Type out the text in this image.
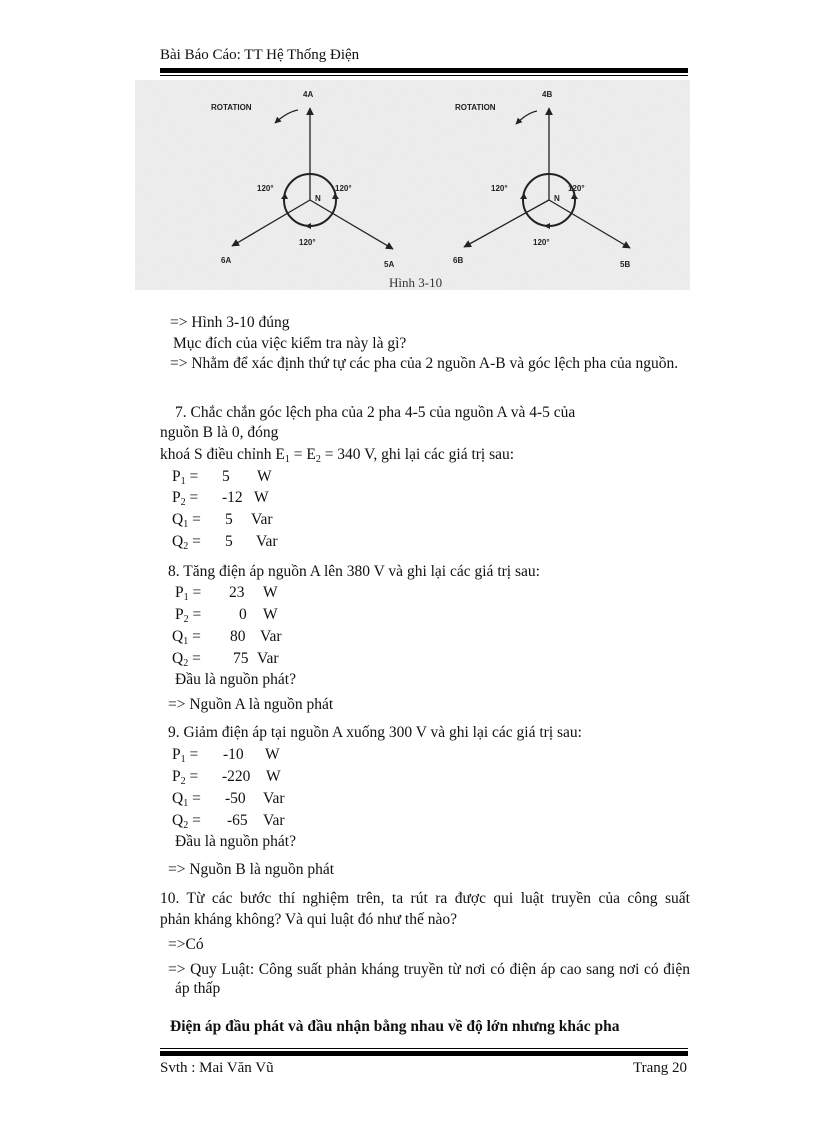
Bài Báo Cáo: TT Hệ Thống Điện
ROTATION
4A
6A	5A
N
120°	120°
120°
ROTATION
4B
6B	5B
N
120°	120°
120°
Hình 3-10
=> Hình 3-10 đúng
Mục đích của việc kiểm tra này là gì?
=> Nhằm để xác định thứ tự các pha của 2 nguồn A-B và góc lệch pha của nguồn.
7. Chắc chắn góc lệch pha của 2 pha 4-5 của nguồn A và 4-5 của
nguồn B là 0, đóng
khoá S điều chỉnh $E_1 = E_2 = 340$ V, ghi lại các giá trị sau:
$P_1 = 5$ W
$P_2 = -12$ W
$Q_1 = 5$ Var
$Q_2 = 5$ Var
8. Tăng điện áp nguồn A lên 380 V và ghi lại các giá trị sau:
$P_1 = 23$ W
$P_2 = 0$ W
$Q_1 = 80$ Var
$Q_2 = 75$ Var
Đầu là nguồn phát?
=> Nguồn A là nguồn phát
9. Giảm điện áp tại nguồn A xuống 300 V và ghi lại các giá trị sau:
$P_1 = -10$ W
$P_2 = -220$ W
$Q_1 = -50$ Var
$Q_2 = -65$ Var
Đầu là nguồn phát?
=> Nguồn B là nguồn phát
10. Từ các bước thí nghiệm trên, ta rút ra được qui luật truyền của công suất
phản kháng không? Và qui luật đó như thế nào?
=>Có
=> Quy Luật: Công suất phản kháng truyền từ nơi có điện áp cao sang nơi có điện
áp thấp
Điện áp đầu phát và đầu nhận bằng nhau về độ lớn nhưng khác pha
Svth : Mai Văn Vũ	Trang 20
